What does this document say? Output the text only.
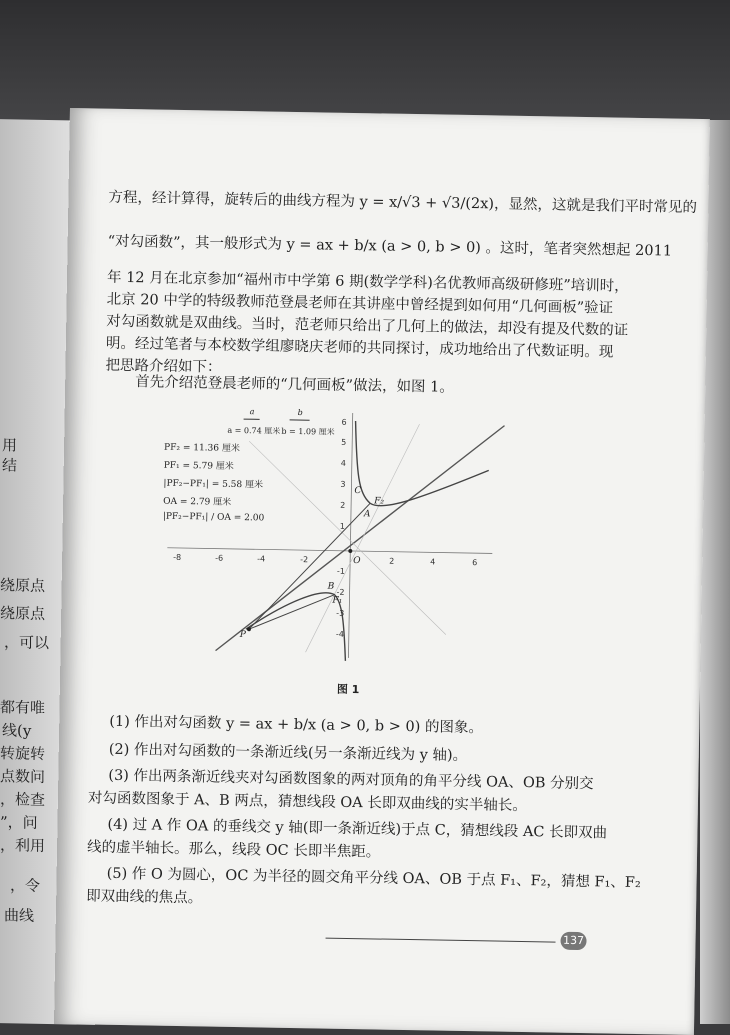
用
结
绕原点
绕原点
，可以
都有唯
线(y
转旋转
点数问
，检查
”，问
，利用
，令
曲线
方程，经计算得，旋转后的曲线方程为 y = x/√3 + √3/(2x)，显然，这就是我们平时常见的
“对勾函数”，其一般形式为 y = ax + b/x (a > 0, b > 0) 。这时，笔者突然想起 2011
年 12 月在北京参加“福州市中学第 6 期(数学学科)名优教师高级研修班”培训时，
北京 20 中学的特级教师范登晨老师在其讲座中曾经提到如何用“几何画板”验证
对勾函数就是双曲线。当时，范老师只给出了几何上的做法，却没有提及代数的证
明。经过笔者与本校数学组廖晓庆老师的共同探讨，成功地给出了代数证明。现
把思路介绍如下：
首先介绍范登晨老师的“几何画板”做法，如图 1。
-8	-6	-4	-2	2	4	6
6
5
4
3
2
1
-1
-2
-3
-4
A
B
P
O
F₁
F₂
C
a	b
a = 0.74 厘米 b = 1.09 厘米
PF₂ = 11.36 厘米
PF₁ = 5.79 厘米
|PF₂−PF₁| = 5.58 厘米
OA = 2.79 厘米
|PF₂−PF₁| / OA = 2.00
图 1
(1) 作出对勾函数 y = ax + b/x (a > 0, b > 0) 的图象。
(2) 作出对勾函数的一条渐近线(另一条渐近线为 y 轴)。
(3) 作出两条渐近线夹对勾函数图象的两对顶角的角平分线 OA、OB 分别交
对勾函数图象于 A、B 两点，猜想线段 OA 长即双曲线的实半轴长。
(4) 过 A 作 OA 的垂线交 y 轴(即一条渐近线)于点 C，猜想线段 AC 长即双曲
线的虚半轴长。那么，线段 OC 长即半焦距。
(5) 作 O 为圆心，OC 为半径的圆交角平分线 OA、OB 于点 F₁、F₂，猜想 F₁、F₂
即双曲线的焦点。
137
